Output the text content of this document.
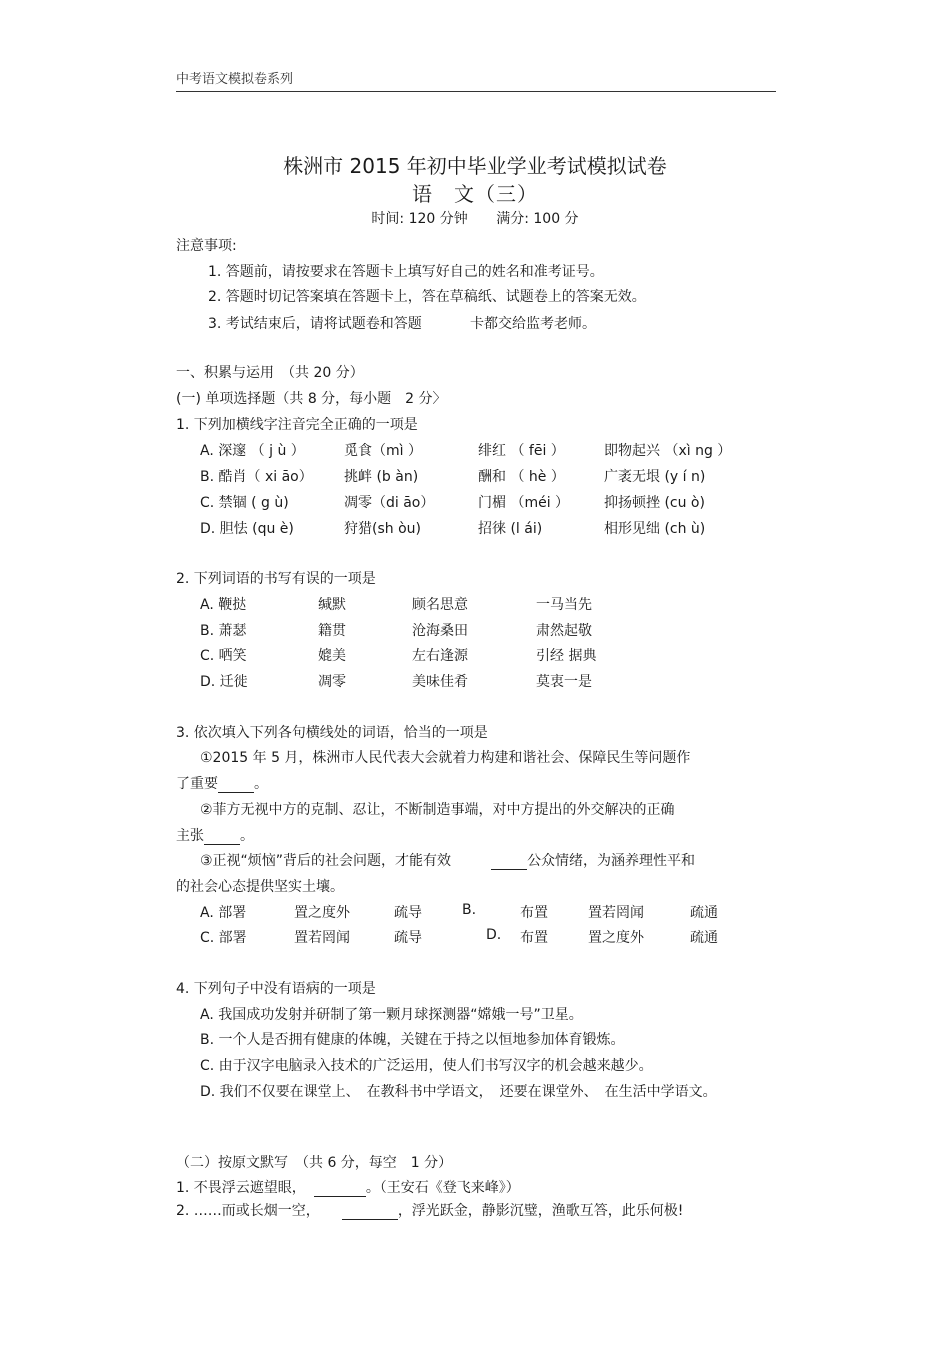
中考语文模拟卷系列
株洲市 2015 年初中毕业学业考试模拟试卷
语　文（三）
时间: 120 分钟 满分: 100 分
注意事项:
1. 答题前，请按要求在答题卡上填写好自己的姓名和准考证号。
2. 答题时切记答案填在答题卡上，答在草稿纸、试题卷上的答案无效。
3. 考试结束后，请将试题卷和答题	卡都交给监考老师。
一、积累与运用　（共 20 分）
(一) 单项选择题（共 8 分，每小题　2 分〉
1. 下列加横线字注音完全正确的一项是
A. 深邃 （ j ù ）	觅食（mì ）	绯红 （ fēi ）	即物起兴 （xì ng ）
B. 酷肖（ xi āo） 挑衅 (b àn)	酬和 （ hè ）	广袤无垠 (y í n)
C. 禁锢 ( g ù)	凋零（di āo）	门楣 （méi ） 抑扬顿挫 (cu ò)
D. 胆怯 (qu è)	狩猎(sh òu)	招徕 (l ái)	相形见绌 (ch ù)
2. 下列词语的书写有误的一项是
A. 鞭挞	缄默	顾名思意	一马当先
B. 萧瑟	籍贯	沧海桑田	肃然起敬
C. 哂笑	媲美	左右逢源	引经 据典
D. 迁徙	凋零	美味佳肴	莫衷一是
3. 依次填入下列各句横线处的词语，恰当的一项是
①2015 年 5 月，株洲市人民代表大会就着力构建和谐社会、保障民生等问题作
了重要	。
②菲方无视中方的克制、忍让，不断制造事端，对中方提出的外交解决的正确
主张	。
③正视“烦恼”背后的社会问题，才能有效	公众情绪，为涵养理性平和
的社会心态提供坚实土壤。
A. 部署	置之度外	疏导	B.	布置	置若罔闻	疏通
C. 部署	置若罔闻	疏导	D. 布置	置之度外	疏通
4. 下列句子中没有语病的一项是
A. 我国成功发射并研制了第一颗月球探测器“嫦娥一号”卫星。
B. 一个人是否拥有健康的体魄，关键在于持之以恒地参加体育锻炼。
C. 由于汉字电脑录入技术的广泛运用，使人们书写汉字的机会越来越少。
D. 我们不仅要在课堂上、　在教科书中学语文，　还要在课堂外、　在生活中学语文。
（二）按原文默写　（共 6 分，每空　1 分）
1. 不畏浮云遮望眼，	。（王安石《登飞来峰》）
2. ……而或长烟一空，	，浮光跃金，静影沉璧，渔歌互答，此乐何极!
